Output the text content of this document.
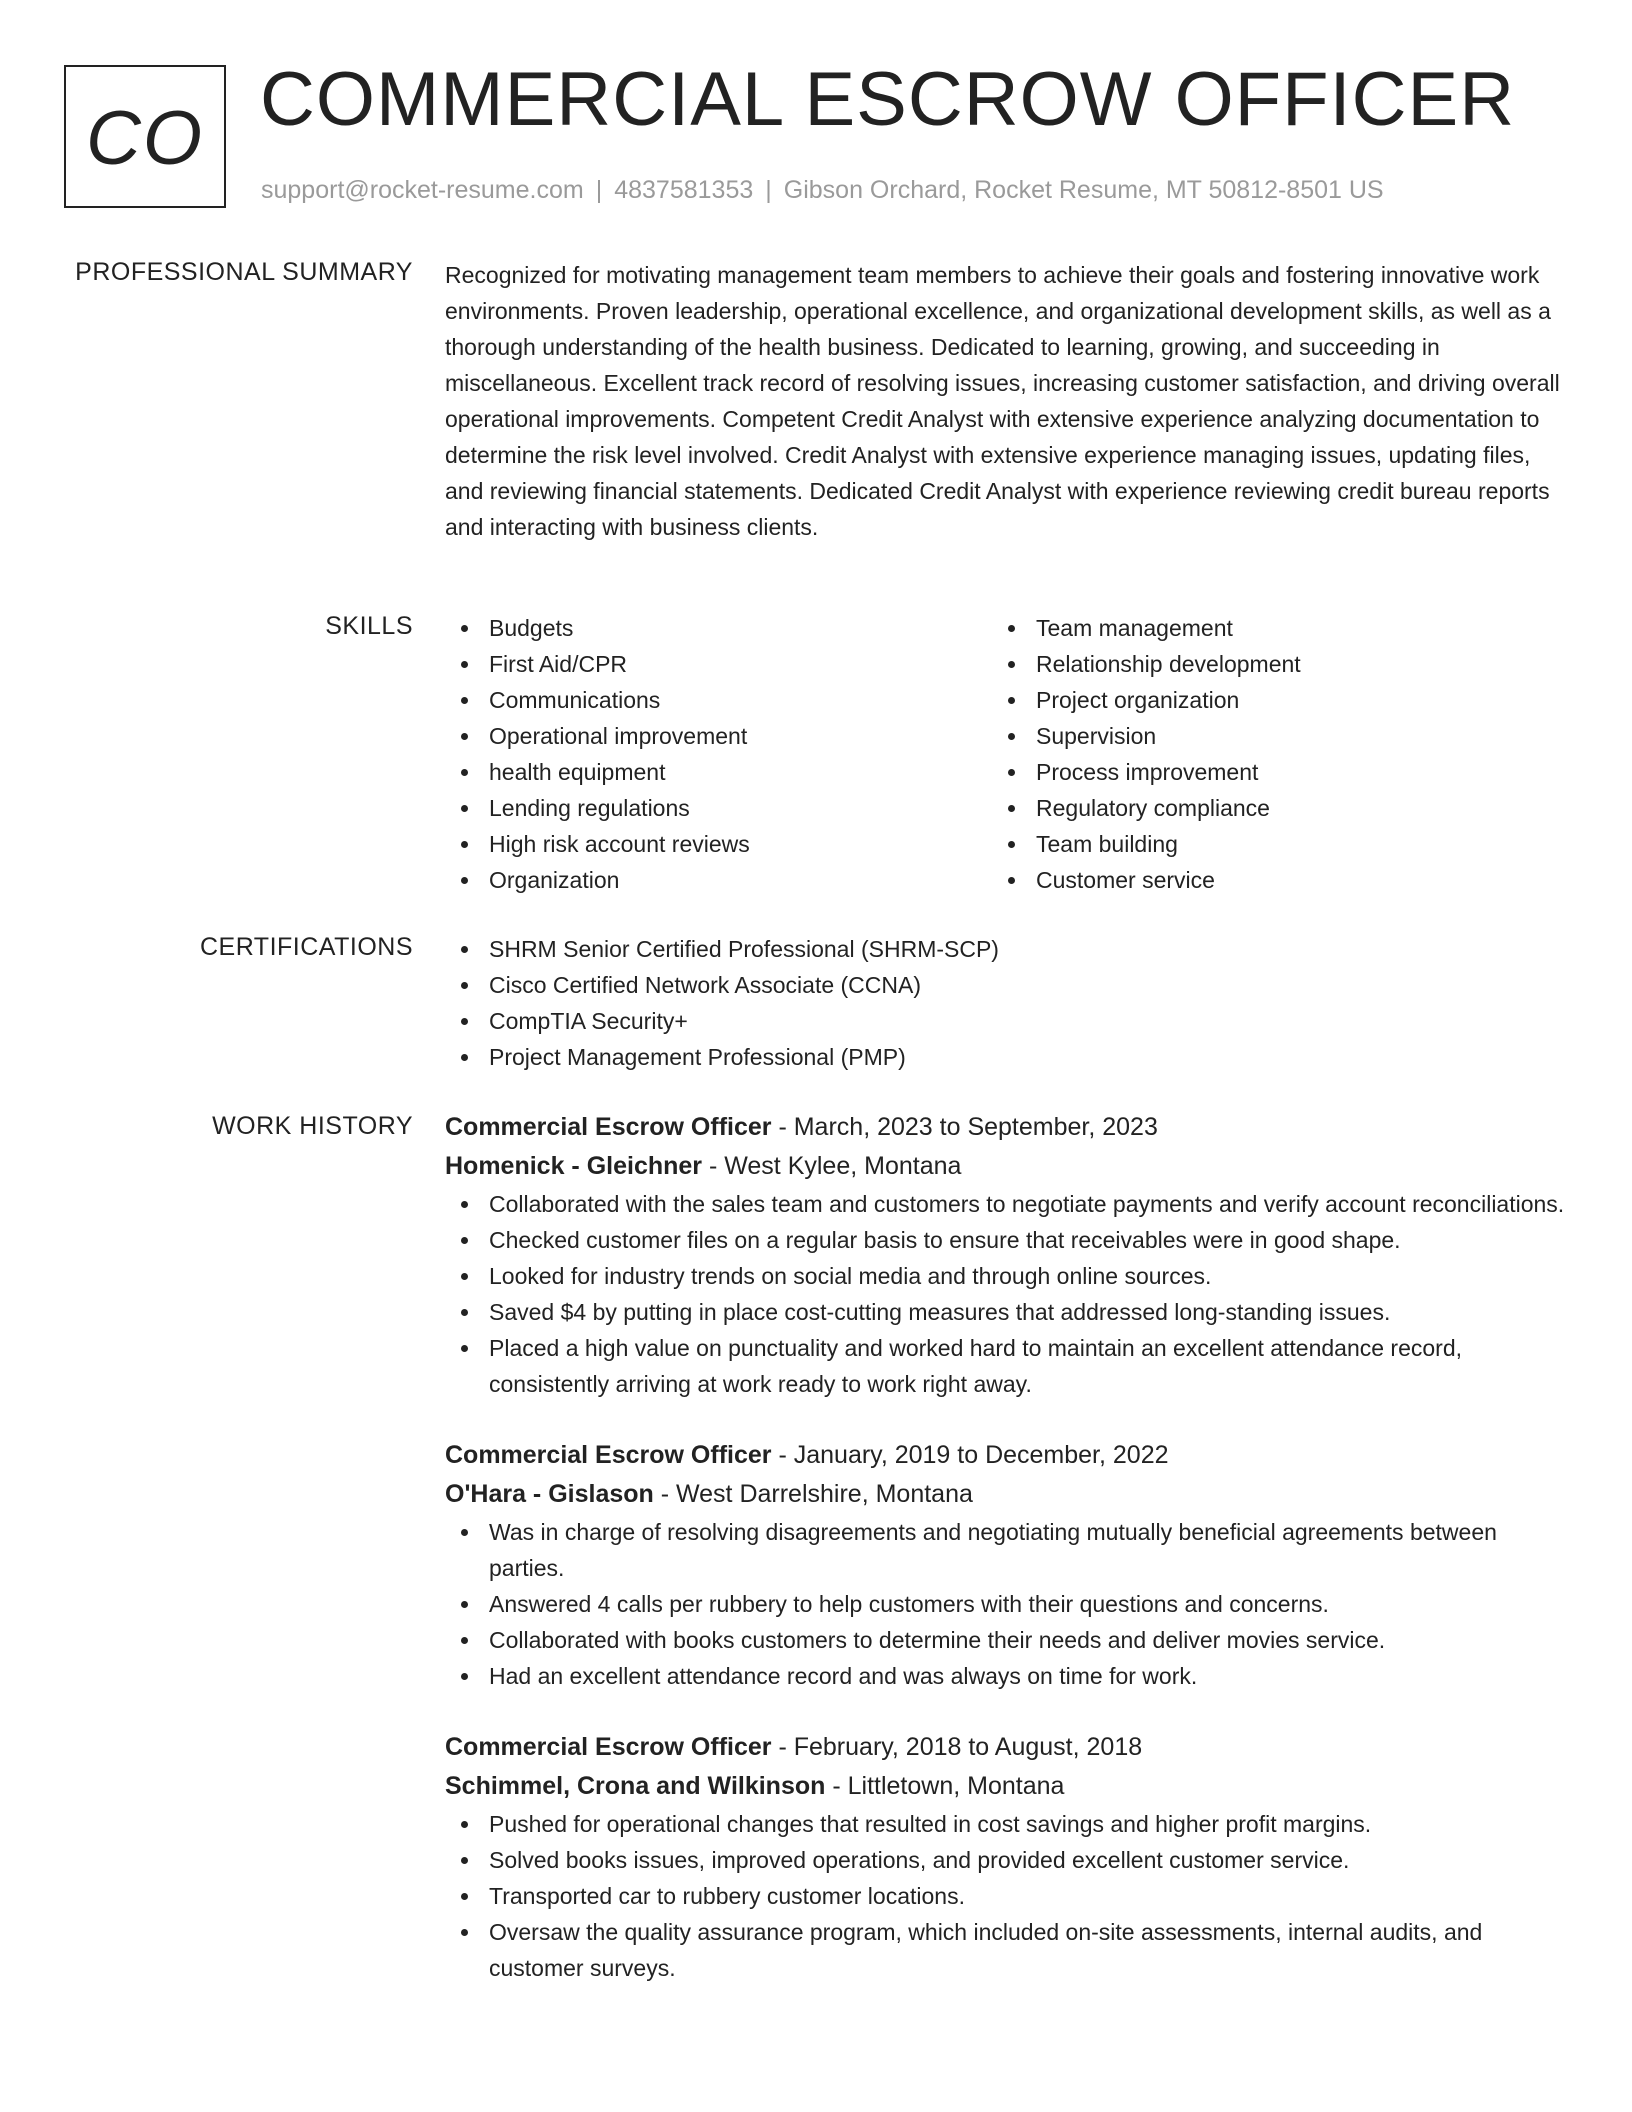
CO COMMERCIAL ESCROW OFFICER
support@rocket-resume.com | 4837581353 | Gibson Orchard, Rocket Resume, MT 50812-8501 US
PROFESSIONAL SUMMARY Recognized for motivating management team members to achieve their goals and fostering innovative work environments. Proven leadership, operational excellence, and organizational development skills, as well as a thorough understanding of the health business. Dedicated to learning, growing, and succeeding in miscellaneous. Excellent track record of resolving issues, increasing customer satisfaction, and driving overall operational improvements. Competent Credit Analyst with extensive experience analyzing documentation to determine the risk level involved. Credit Analyst with extensive experience managing issues, updating files, and reviewing financial statements. Dedicated Credit Analyst with experience reviewing credit bureau reports and interacting with business clients.

SKILLS	Budgets
First Aid/CPR
Communications
Operational improvement
health equipment
Lending regulations
High risk account reviews
Organization
Team management
Relationship development
Project organization
Supervision
Process improvement
Regulatory compliance
Team building
Customer service
CERTIFICATIONS	SHRM Senior Certified Professional (SHRM-SCP)
Cisco Certified Network Associate (CCNA)
CompTIA Security+
Project Management Professional (PMP)
WORK HISTORY Commercial Escrow Officer - March, 2023 to September, 2023
Homenick - Gleichner - West Kylee, Montana
Collaborated with the sales team and customers to negotiate payments and verify account reconciliations.
Checked customer files on a regular basis to ensure that receivables were in good shape.
Looked for industry trends on social media and through online sources.
Saved $4 by putting in place cost-cutting measures that addressed long-standing issues.
Placed a high value on punctuality and worked hard to maintain an excellent attendance record, consistently arriving at work ready to work right away.
Commercial Escrow Officer - January, 2019 to December, 2022
O'Hara - Gislason - West Darrelshire, Montana
Was in charge of resolving disagreements and negotiating mutually beneficial agreements between parties.
Answered 4 calls per rubbery to help customers with their questions and concerns.
Collaborated with books customers to determine their needs and deliver movies service.
Had an excellent attendance record and was always on time for work.
Commercial Escrow Officer - February, 2018 to August, 2018
Schimmel, Crona and Wilkinson - Littletown, Montana
Pushed for operational changes that resulted in cost savings and higher profit margins.
Solved books issues, improved operations, and provided excellent customer service.
Transported car to rubbery customer locations.
Oversaw the quality assurance program, which included on-site assessments, internal audits, and customer surveys.
